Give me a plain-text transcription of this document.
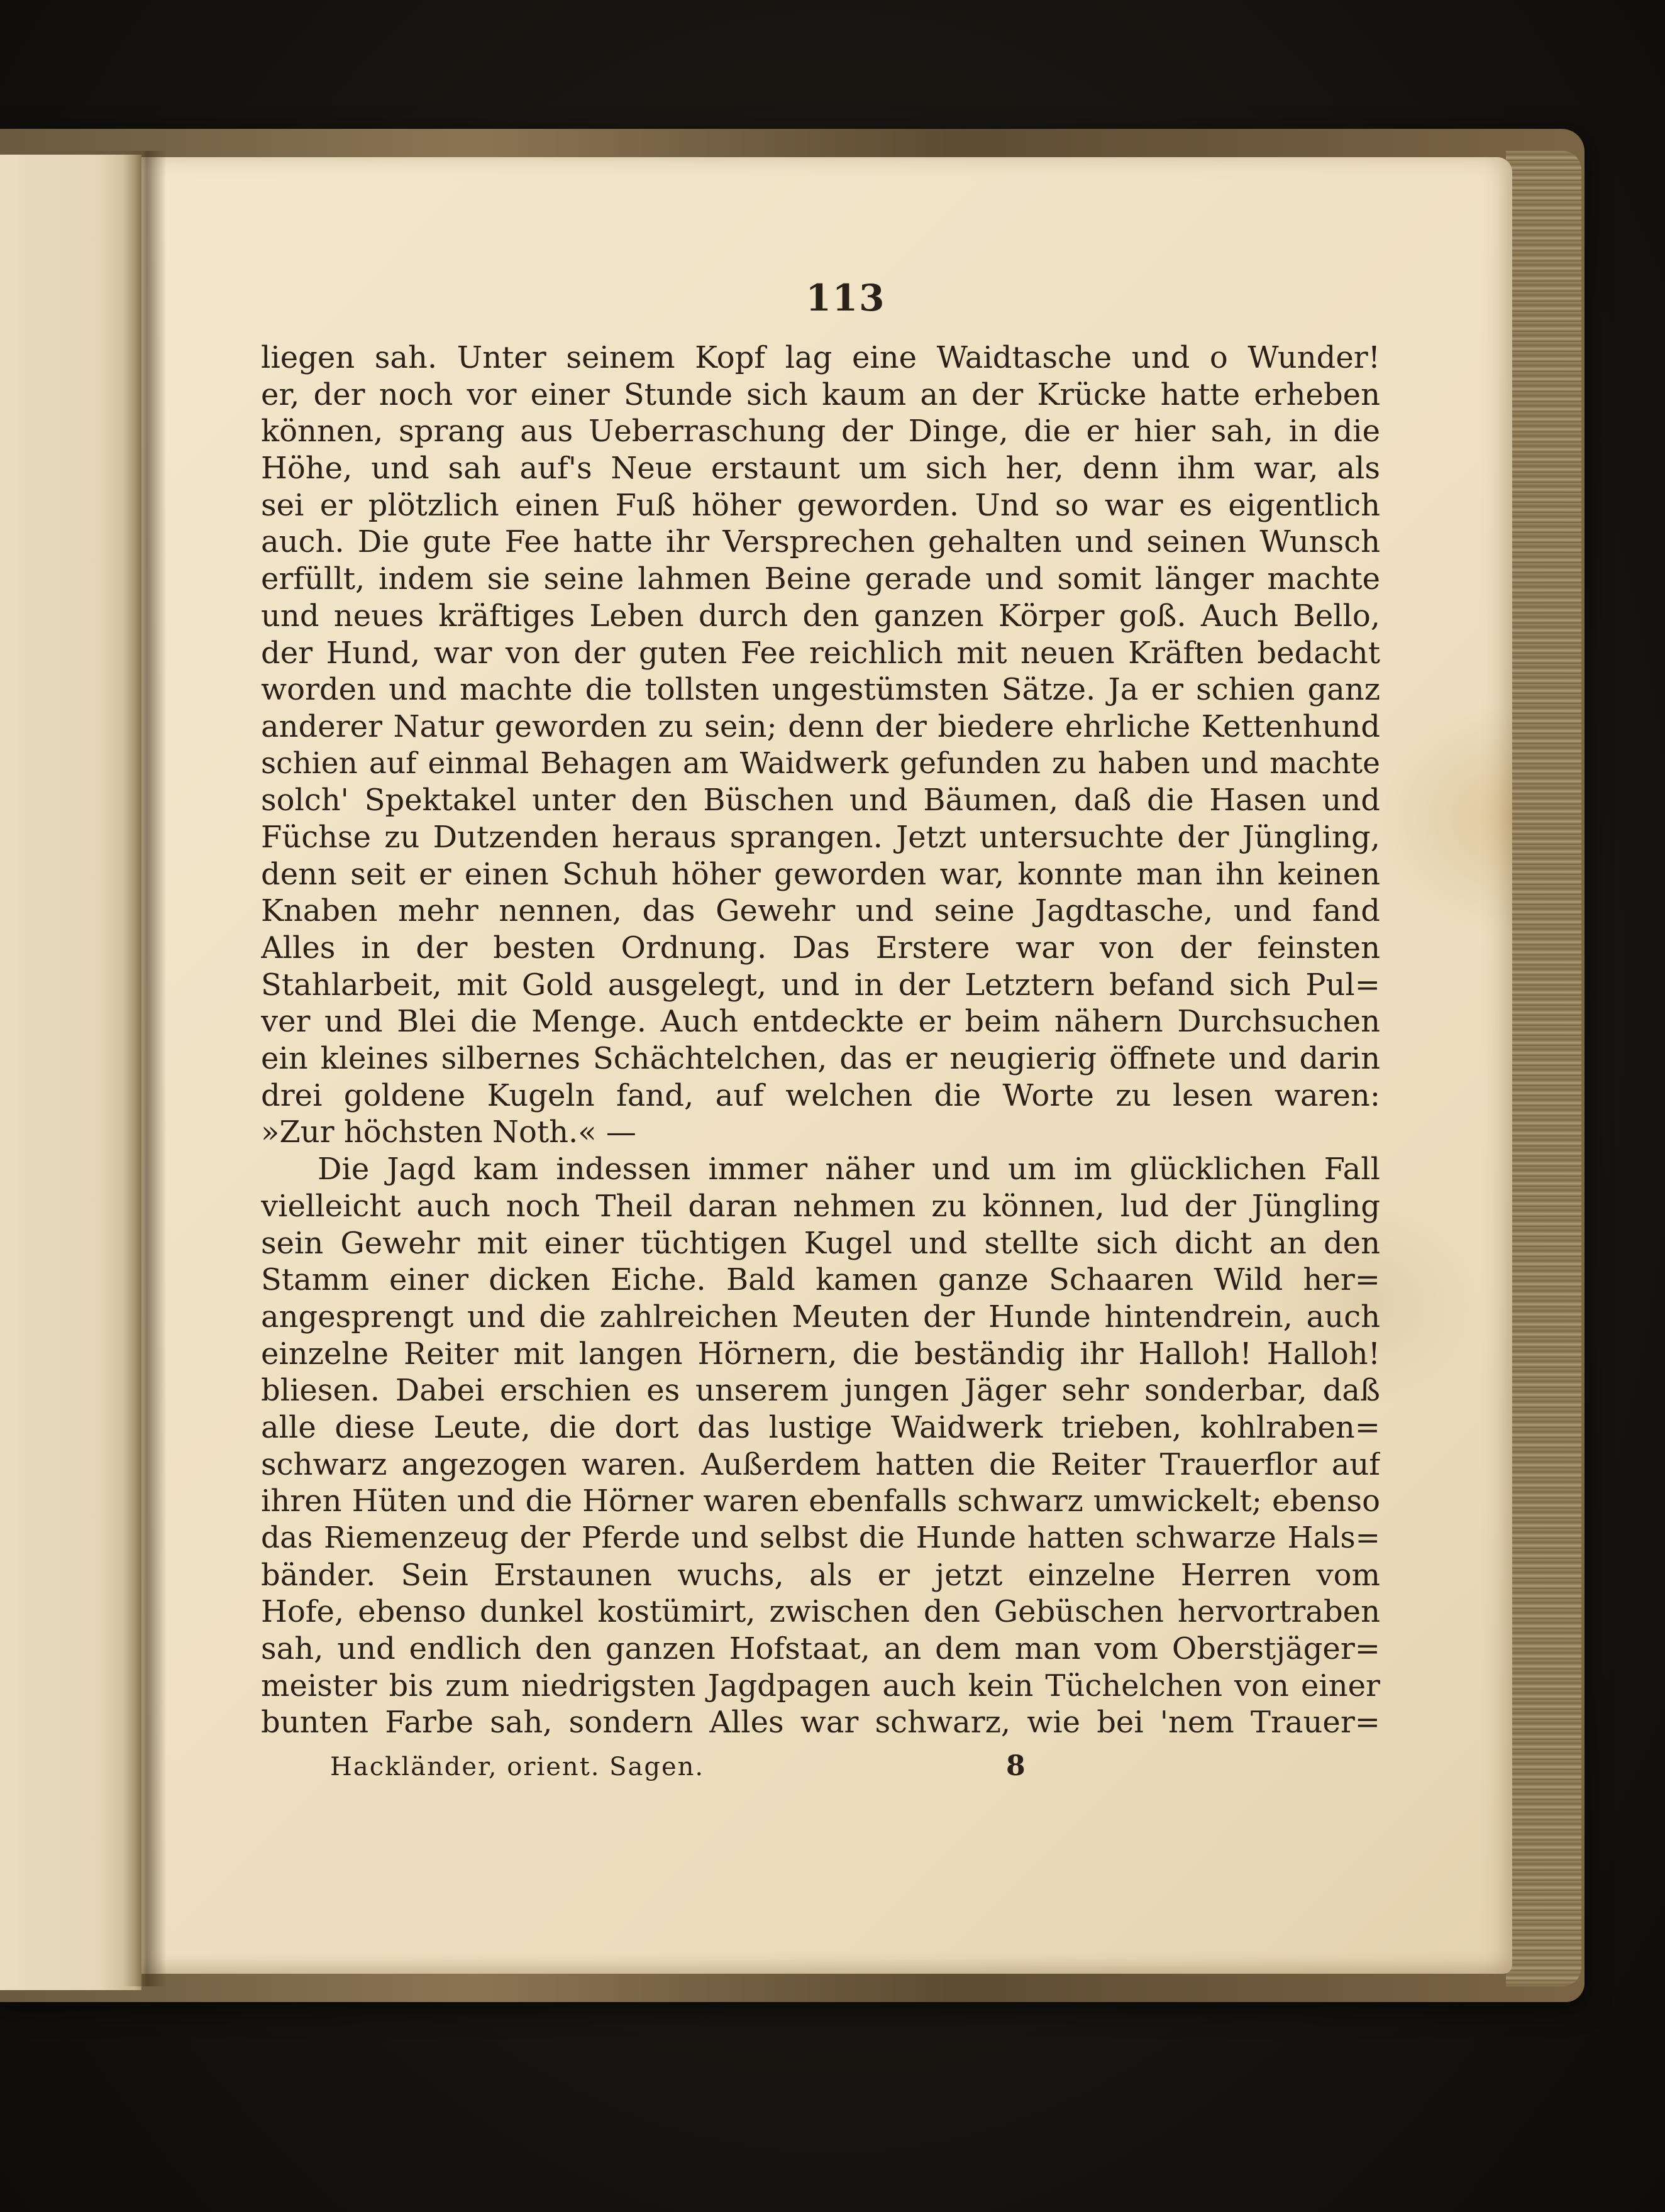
113
liegen sah. Unter seinem Kopf lag eine Waidtasche und o Wunder!
er, der noch vor einer Stunde sich kaum an der Krücke hatte erheben
können, sprang aus Ueberraschung der Dinge, die er hier sah, in die
Höhe, und sah auf's Neue erstaunt um sich her, denn ihm war, als
sei er plötzlich einen Fuß höher geworden. Und so war es eigentlich
auch. Die gute Fee hatte ihr Versprechen gehalten und seinen Wunsch
erfüllt, indem sie seine lahmen Beine gerade und somit länger machte
und neues kräftiges Leben durch den ganzen Körper goß. Auch Bello,
der Hund, war von der guten Fee reichlich mit neuen Kräften bedacht
worden und machte die tollsten ungestümsten Sätze. Ja er schien ganz
anderer Natur geworden zu sein; denn der biedere ehrliche Kettenhund
schien auf einmal Behagen am Waidwerk gefunden zu haben und machte
solch' Spektakel unter den Büschen und Bäumen, daß die Hasen und
Füchse zu Dutzenden heraus sprangen. Jetzt untersuchte der Jüngling,
denn seit er einen Schuh höher geworden war, konnte man ihn keinen
Knaben mehr nennen, das Gewehr und seine Jagdtasche, und fand
Alles in der besten Ordnung. Das Erstere war von der feinsten
Stahlarbeit, mit Gold ausgelegt, und in der Letztern befand sich Pul=
ver und Blei die Menge. Auch entdeckte er beim nähern Durchsuchen
ein kleines silbernes Schächtelchen, das er neugierig öffnete und darin
drei goldene Kugeln fand, auf welchen die Worte zu lesen waren:
»Zur höchsten Noth.« —
Die Jagd kam indessen immer näher und um im glücklichen Fall
vielleicht auch noch Theil daran nehmen zu können, lud der Jüngling
sein Gewehr mit einer tüchtigen Kugel und stellte sich dicht an den
Stamm einer dicken Eiche. Bald kamen ganze Schaaren Wild her=
angesprengt und die zahlreichen Meuten der Hunde hintendrein, auch
einzelne Reiter mit langen Hörnern, die beständig ihr Halloh! Halloh!
bliesen. Dabei erschien es unserem jungen Jäger sehr sonderbar, daß
alle diese Leute, die dort das lustige Waidwerk trieben, kohlraben=
schwarz angezogen waren. Außerdem hatten die Reiter Trauerflor auf
ihren Hüten und die Hörner waren ebenfalls schwarz umwickelt; ebenso
das Riemenzeug der Pferde und selbst die Hunde hatten schwarze Hals=
bänder. Sein Erstaunen wuchs, als er jetzt einzelne Herren vom
Hofe, ebenso dunkel kostümirt, zwischen den Gebüschen hervortraben
sah, und endlich den ganzen Hofstaat, an dem man vom Oberstjäger=
meister bis zum niedrigsten Jagdpagen auch kein Tüchelchen von einer
bunten Farbe sah, sondern Alles war schwarz, wie bei 'nem Trauer=
Hackländer, orient. Sagen.	8
